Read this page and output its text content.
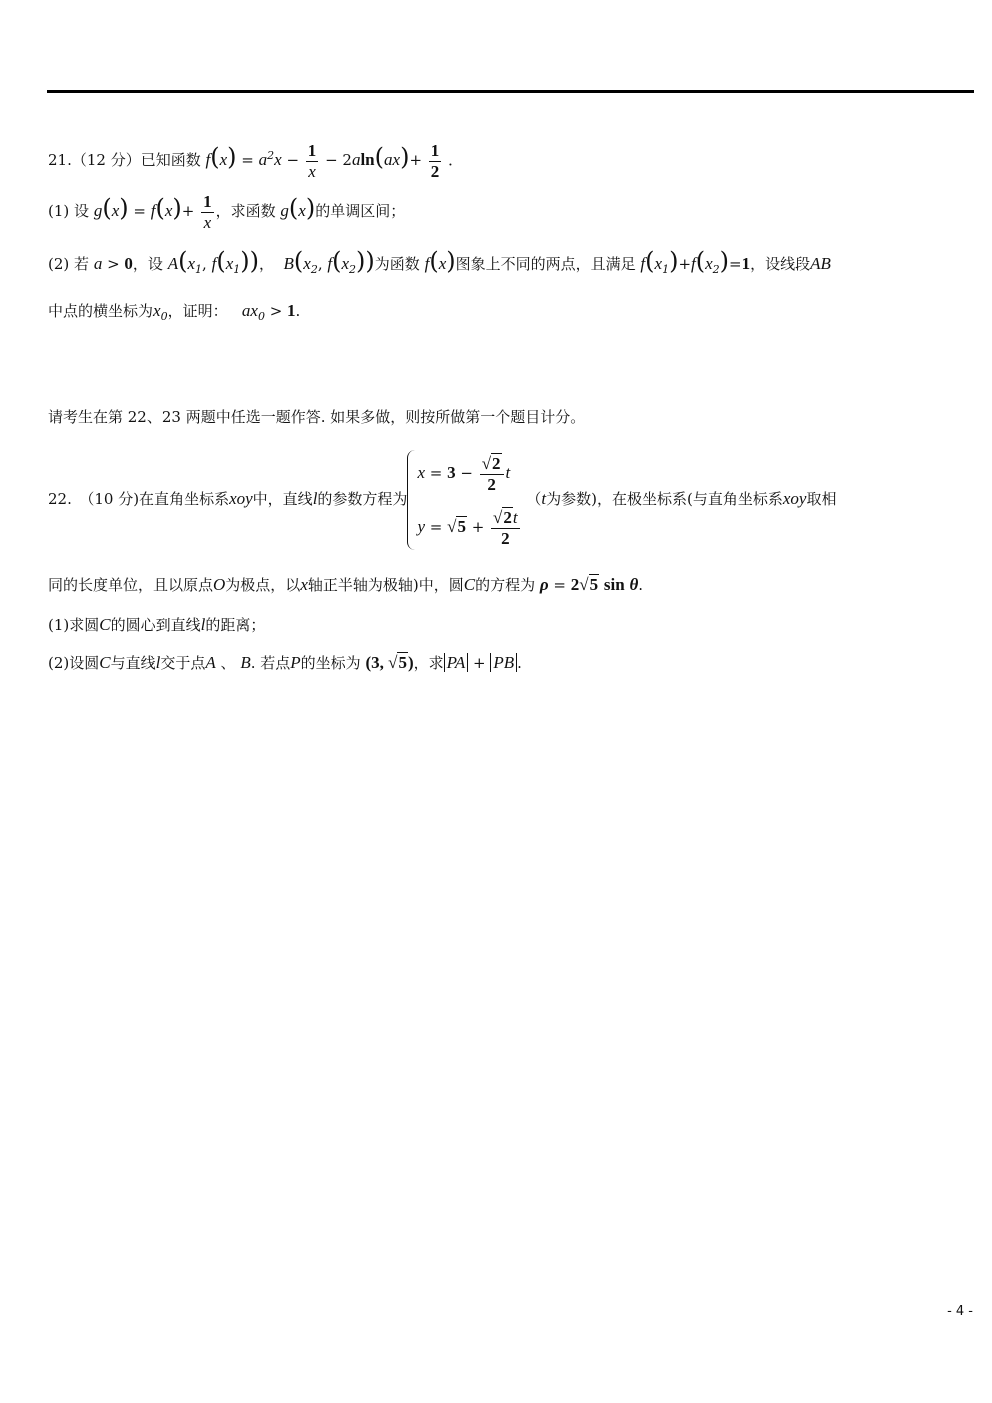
21.（12 分）已知函数 $f(x) = a^2x - \frac{1}{x} - 2aln(ax)+ \frac{1}{2}$ ．
(1) 设 $g(x) = f(x)+ \frac{1}{x}$ ，求函数 g(x)的单调区间；
(2) 若 a > 0，设 $A(x_1$, $f(x_1)$)， $B(x_2$, $f(x_2)$)为函数 f(x)图象上不同的两点，且满足 $f(x_1)+f(x_2)=1$，设线段AB
中点的横坐标为$x_0$，证明： $ax_0 > 1$.
请考生在第 22、23 两题中任选一题作答. 如果多做，则按所做第一个题目计分。
22.　（10 分)在直角坐标系xoy中，直线l的参数方程为
$x = 3 - \frac{√2}{2}$ t
$y = √5 + \frac{√2t}{2}$
（t为参数)，在极坐标系(与直角坐标系xoy取相
同的长度单位，且以原点O为极点，以x轴正半轴为极轴)中，圆C的方程为 ρ = 2√5 sin θ.
(1)求圆C的圆心到直线l的距离；
(2)设圆C与直线l交于点A 、 B. 若点P的坐标为 (3, √5)，求 PA + PB .
- 4 -
